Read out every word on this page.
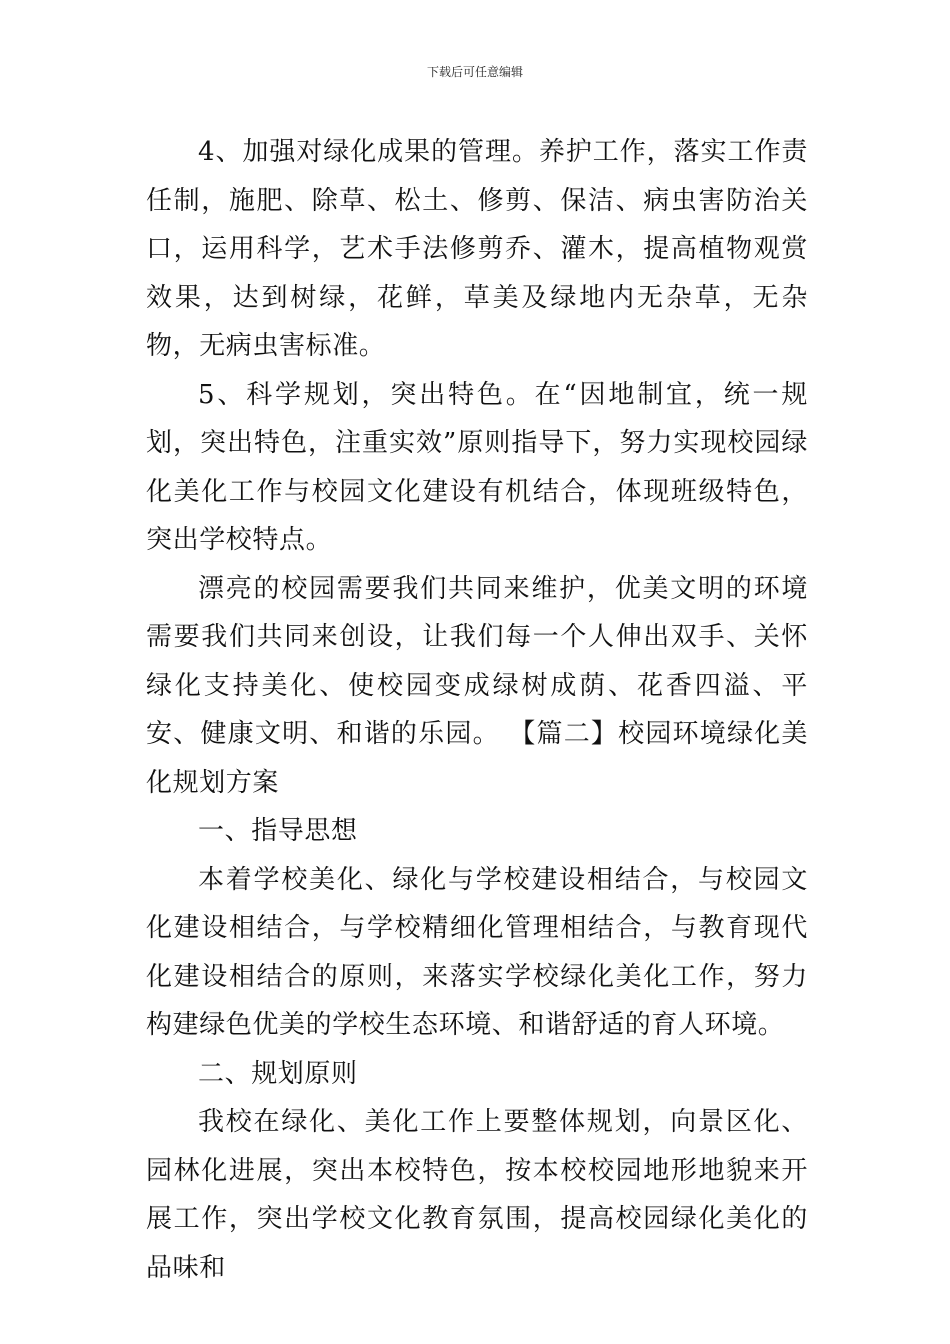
下载后可任意编辑

4、加强对绿化成果的管理。养护工作，落实工作责任制，施肥、除草、松土、修剪、保洁、病虫害防治关口，运用科学，艺术手法修剪乔、灌木，提高植物观赏效果，达到树绿，花鲜，草美及绿地内无杂草，无杂物，无病虫害标准。

5、科学规划，突出特色。在“因地制宜，统一规划，突出特色，注重实效”原则指导下，努力实现校园绿化美化工作与校园文化建设有机结合，体现班级特色，突出学校特点。

漂亮的校园需要我们共同来维护，优美文明的环境需要我们共同来创设，让我们每一个人伸出双手、关怀绿化支持美化、使校园变成绿树成荫、花香四溢、平安、健康文明、和谐的乐园。 【篇二】校园环境绿化美化规划方案

一、指导思想

本着学校美化、绿化与学校建设相结合，与校园文化建设相结合，与学校精细化管理相结合，与教育现代化建设相结合的原则，来落实学校绿化美化工作，努力构建绿色优美的学校生态环境、和谐舒适的育人环境。

二、规划原则

我校在绿化、美化工作上要整体规划，向景区化、园林化进展，突出本校特色，按本校校园地形地貌来开展工作，突出学校文化教育氛围，提高校园绿化美化的品味和
